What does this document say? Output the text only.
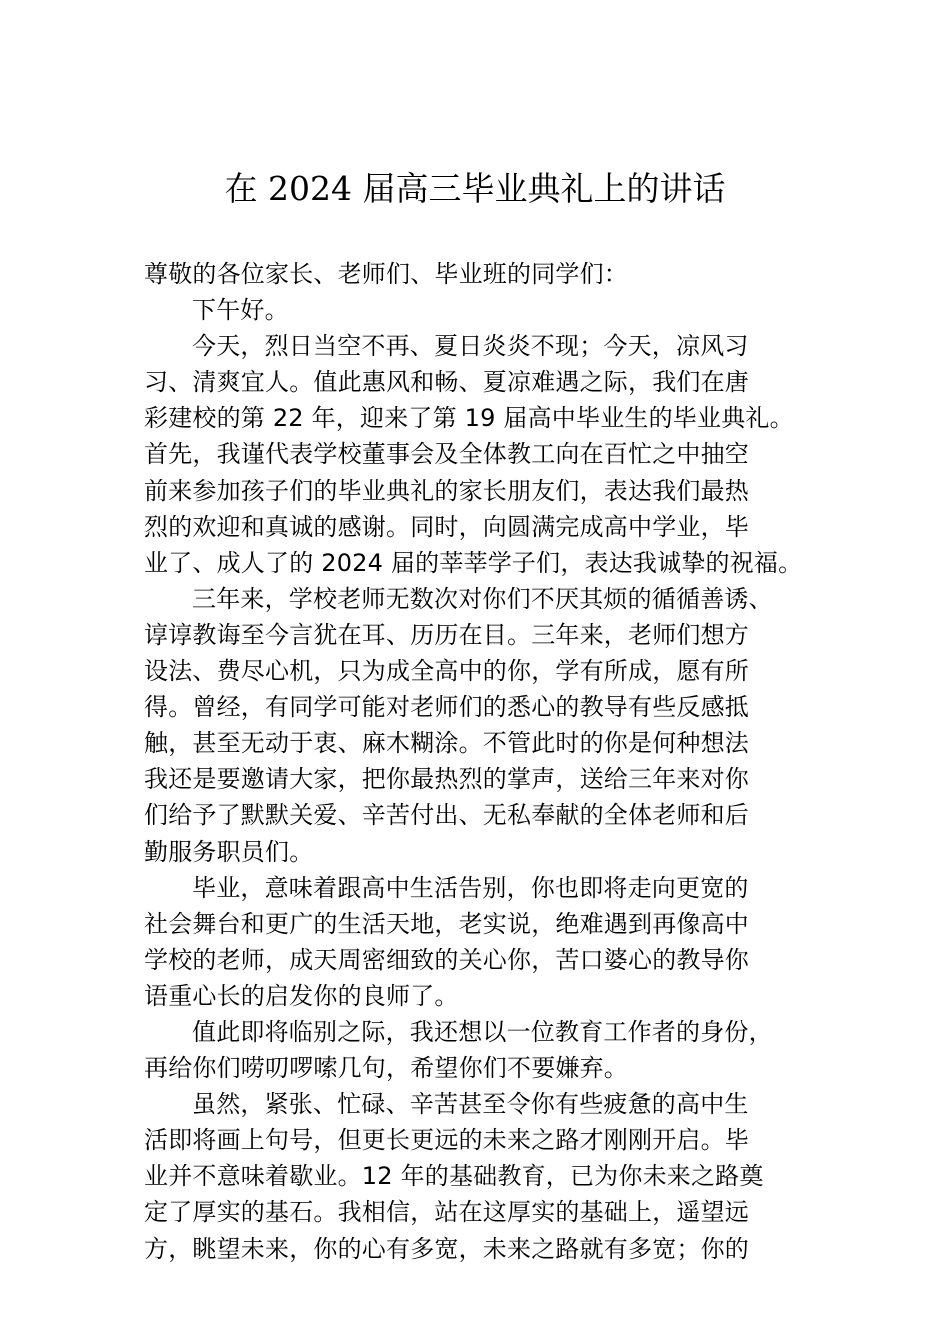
在 2024 届高三毕业典礼上的讲话
尊敬的各位家长、老师们、毕业班的同学们：
下午好。
今天，烈日当空不再、夏日炎炎不现；今天，凉风习
习、清爽宜人。值此惠风和畅、夏凉难遇之际，我们在唐
彩建校的第 22 年，迎来了第 19 届高中毕业生的毕业典礼。
首先，我谨代表学校董事会及全体教工向在百忙之中抽空
前来参加孩子们的毕业典礼的家长朋友们，表达我们最热
烈的欢迎和真诚的感谢。同时，向圆满完成高中学业，毕
业了、成人了的 2024 届的莘莘学子们，表达我诚挚的祝福。
三年来，学校老师无数次对你们不厌其烦的循循善诱、
谆谆教诲至今言犹在耳、历历在目。三年来，老师们想方
设法、费尽心机，只为成全高中的你，学有所成，愿有所
得。曾经，有同学可能对老师们的悉心的教导有些反感抵
触，甚至无动于衷、麻木糊涂。不管此时的你是何种想法
我还是要邀请大家，把你最热烈的掌声，送给三年来对你
们给予了默默关爱、辛苦付出、无私奉献的全体老师和后
勤服务职员们。
毕业，意味着跟高中生活告别，你也即将走向更宽的
社会舞台和更广的生活天地，老实说，绝难遇到再像高中
学校的老师，成天周密细致的关心你，苦口婆心的教导你
语重心长的启发你的良师了。
值此即将临别之际，我还想以一位教育工作者的身份，
再给你们唠叨啰嗦几句，希望你们不要嫌弃。
虽然，紧张、忙碌、辛苦甚至令你有些疲惫的高中生
活即将画上句号，但更长更远的未来之路才刚刚开启。毕
业并不意味着歇业。12 年的基础教育，已为你未来之路奠
定了厚实的基石。我相信，站在这厚实的基础上，遥望远
方，眺望未来，你的心有多宽，未来之路就有多宽；你的
